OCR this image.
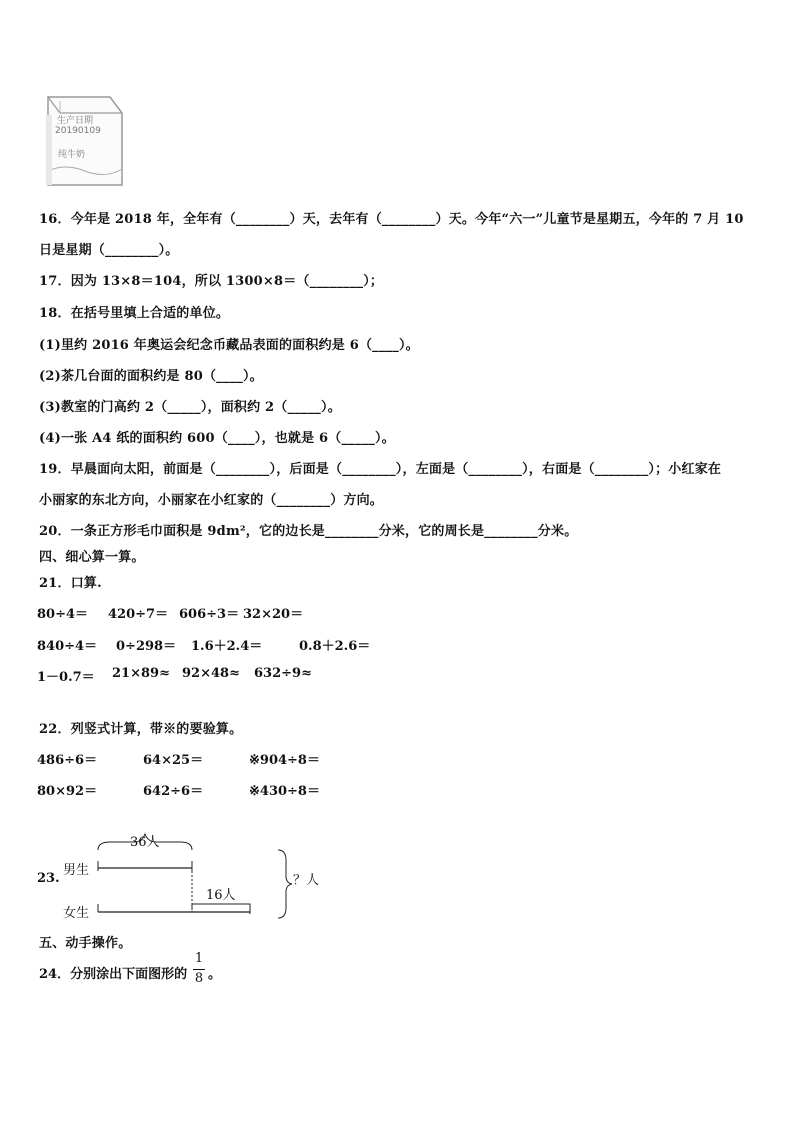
生产日期
20190109
纯牛奶
16．今年是 2018 年，全年有（________）天，去年有（________）天。今年“六一”儿童节是星期五，今年的 7 月 10
日是星期（________）。
17．因为 13×8＝104，所以 1300×8＝（________）；
18．在括号里填上合适的单位。
(1)里约 2016 年奥运会纪念币藏品表面的面积约是 6（____）。
(2)茶几台面的面积约是 80（____）。
(3)教室的门高约 2（_____），面积约 2（_____）。
(4)一张 A4 纸的面积约 600（____），也就是 6（_____）。
19．早晨面向太阳，前面是（________），后面是（________），左面是（________），右面是（________）；小红家在
小丽家的东北方向，小丽家在小红家的（________）方向。
20．一条正方形毛巾面积是 9dm²，它的边长是________分米，它的周长是________分米。
四、细心算一算。
21．口算.
80÷4＝ 420÷7＝ 606÷3＝ 32×20＝
840÷4＝ 0÷298＝ 1.6＋2.4＝	0.8＋2.6＝
1－0.7＝ 21×89≈ 92×48≈ 632÷9≈
22．列竖式计算，带※的要验算。
486÷6＝	64×25＝	※904÷8＝
80×92＝	642÷6＝	※430÷8＝
23.
男生
女生
36人
16人
？人
五、动手操作。
24．分别涂出下面图形的
1
8 。
